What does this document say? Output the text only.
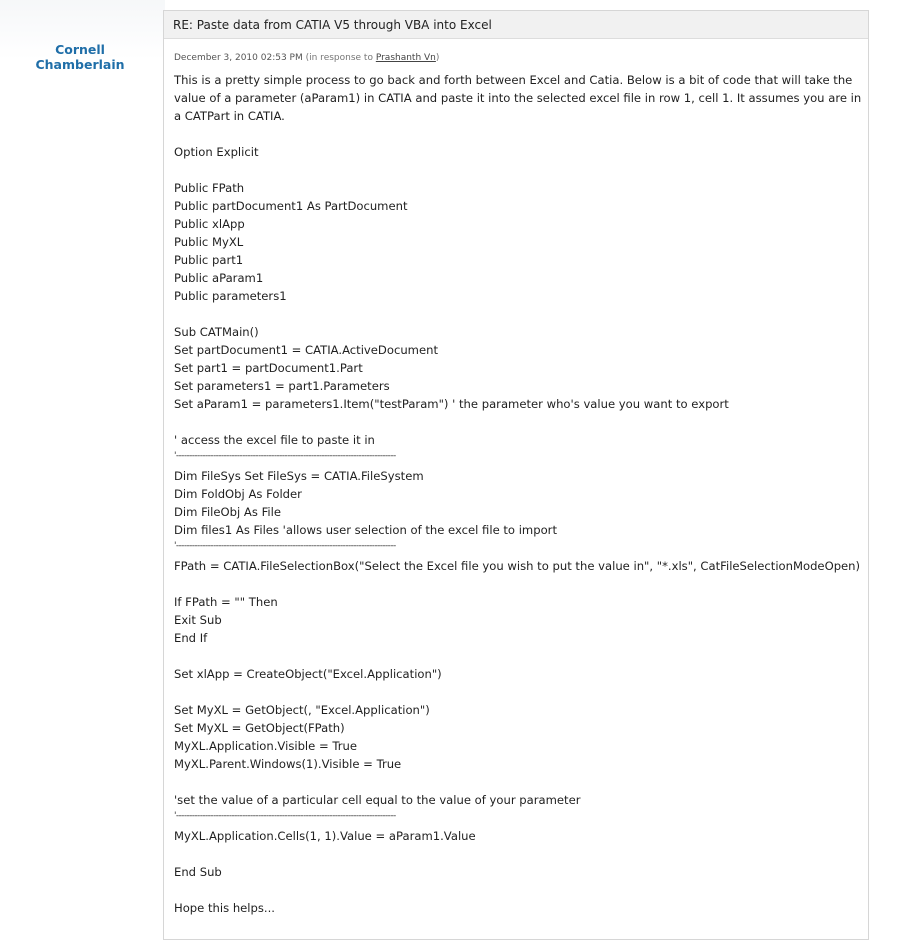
Cornell Chamberlain
RE: Paste data from CATIA V5 through VBA into Excel
December 3, 2010 02:53 PM (in response to Prashanth Vn)
This is a pretty simple process to go back and forth between Excel and Catia. Below is a bit of code that will take the value of a parameter (aParam1) in CATIA and paste it into the selected excel file in row 1, cell 1. It assumes you are in a CATPart in CATIA.

Option Explicit

Public FPath
Public partDocument1 As PartDocument
Public xlApp
Public MyXL
Public part1
Public aParam1
Public parameters1

Sub CATMain()
Set partDocument1 = CATIA.ActiveDocument
Set part1 = partDocument1.Part
Set parameters1 = part1.Parameters
Set aParam1 = parameters1.Item("testParam") ' the parameter who's value you want to export

' access the excel file to paste it in
'-----------------------------------------------------------------------------------
Dim FileSys Set FileSys = CATIA.FileSystem
Dim FoldObj As Folder
Dim FileObj As File
Dim files1 As Files 'allows user selection of the excel file to import
'-----------------------------------------------------------------------------------
FPath = CATIA.FileSelectionBox("Select the Excel file you wish to put the value in", "*.xls", CatFileSelectionModeOpen)

If FPath = "" Then
Exit Sub
End If

Set xlApp = CreateObject("Excel.Application")

Set MyXL = GetObject(, "Excel.Application")
Set MyXL = GetObject(FPath)
MyXL.Application.Visible = True
MyXL.Parent.Windows(1).Visible = True

'set the value of a particular cell equal to the value of your parameter
'-----------------------------------------------------------------------------------
MyXL.Application.Cells(1, 1).Value = aParam1.Value

End Sub

Hope this helps...
